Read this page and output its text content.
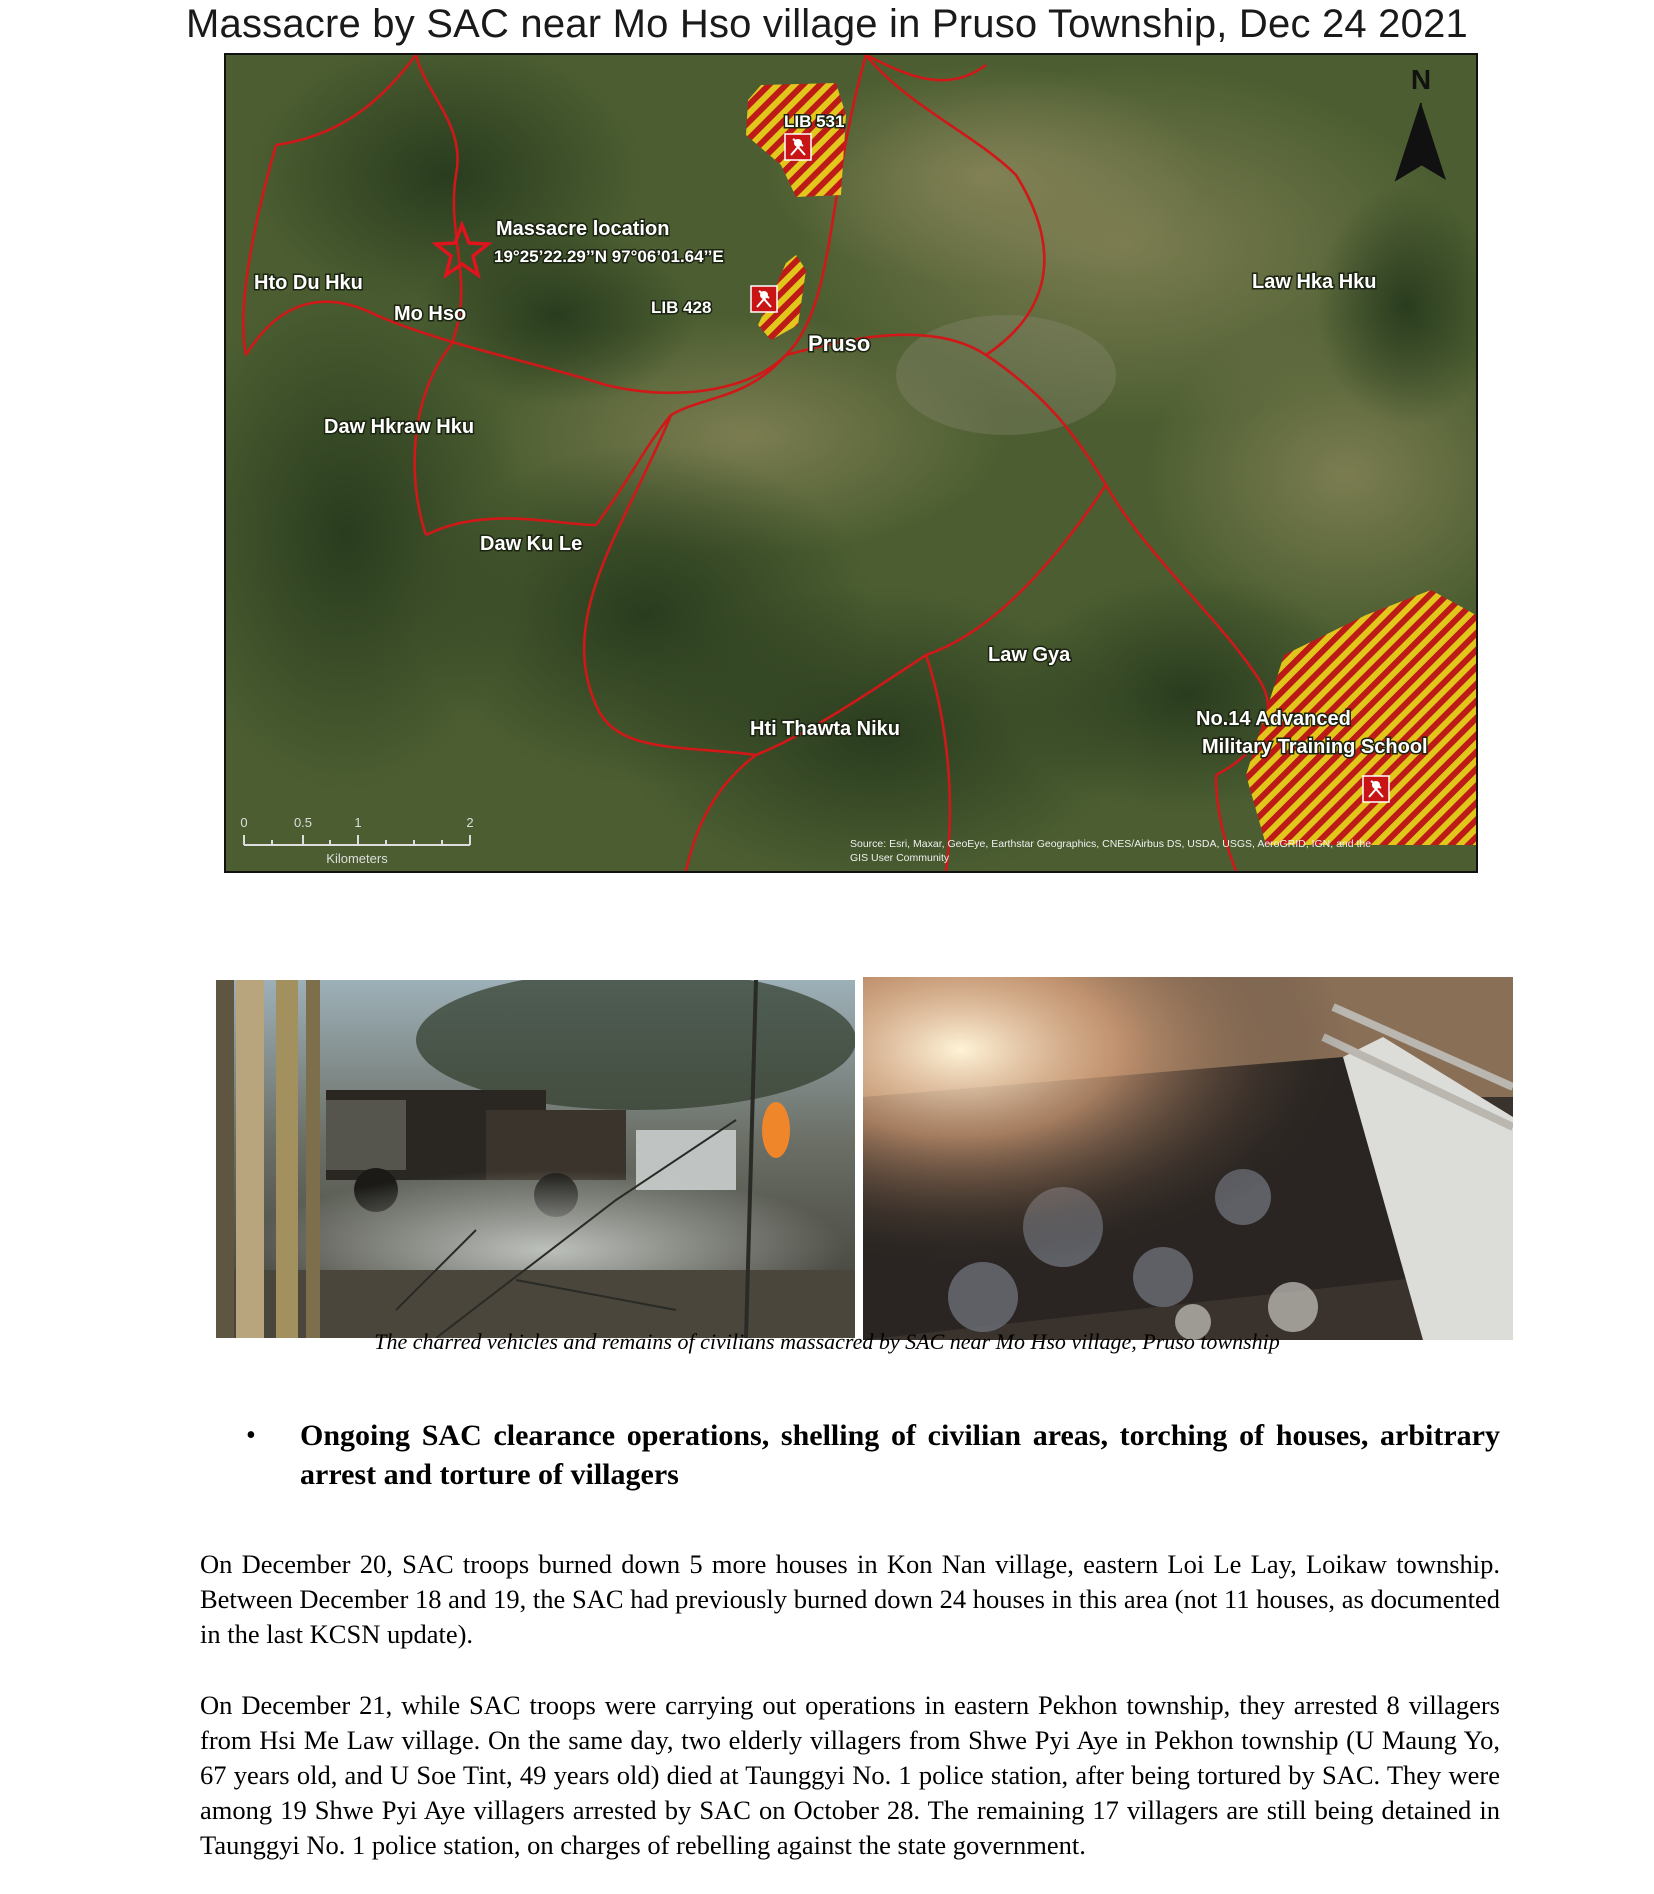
Massacre by SAC near Mo Hso village in Pruso Township, Dec 24 2021
N
LIB 531
LIB 428
Massacre location
19°25’22.29’’N 97°06’01.64’’E
Hto Du Hku
Mo Hso
Pruso
Law Hka Hku
Daw Hkraw Hku
Daw Ku Le
Law Gya
Hti Thawta Niku	No.14 Advanced
Military Training School
0	0.5	1	2
Kilometers
Source: Esri, Maxar, GeoEye, Earthstar Geographics, CNES/Airbus DS, USDA, USGS, AeroGRID, IGN, and the
GIS User Community
The charred vehicles and remains of civilians massacred by SAC near Mo Hso village, Pruso township
• Ongoing SAC clearance operations, shelling of civilian areas, torching of houses, arbitrary arrest and torture of villagers

On December 20, SAC troops burned down 5 more houses in Kon Nan village, eastern Loi Le Lay, Loikaw township. Between December 18 and 19, the SAC had previously burned down 24 houses in this area (not 11 houses, as documented in the last KCSN update).

On December 21, while SAC troops were carrying out operations in eastern Pekhon township, they arrested 8 villagers from Hsi Me Law village. On the same day, two elderly villagers from Shwe Pyi Aye in Pekhon township (U Maung Yo, 67 years old, and U Soe Tint, 49 years old) died at Taunggyi No. 1 police station, after being tortured by SAC. They were among 19 Shwe Pyi Aye villagers arrested by SAC on October 28. The remaining 17 villagers are still being detained in Taunggyi No. 1 police station, on charges of rebelling against the state government.
